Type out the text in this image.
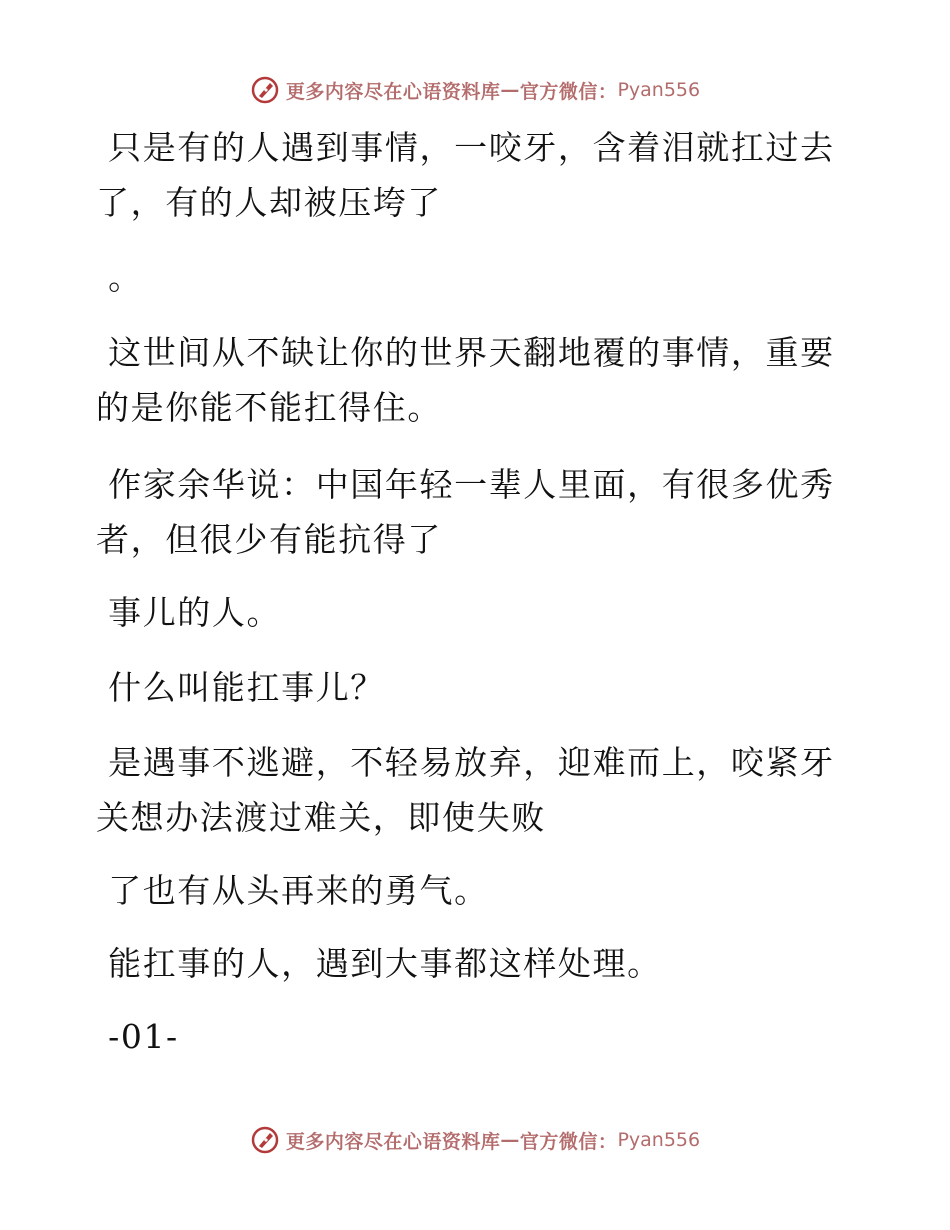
更多内容尽在心语资料库 — 官方微信： Pyan556

只是有的人遇到事情，一咬牙，含着泪就扛过去了，有的人却被压垮了

。

这世间从不缺让你的世界天翻地覆的事情，重要的是你能不能扛得住。

作家余华说：中国年轻一辈人里面，有很多优秀者，但很少有能抗得了

事儿的人。

什么叫能扛事儿？

是遇事不逃避，不轻易放弃，迎难而上，咬紧牙关想办法渡过难关，即使失败

了也有从头再来的勇气。

能扛事的人，遇到大事都这样处理。

-01-

更多内容尽在心语资料库 — 官方微信： Pyan556
